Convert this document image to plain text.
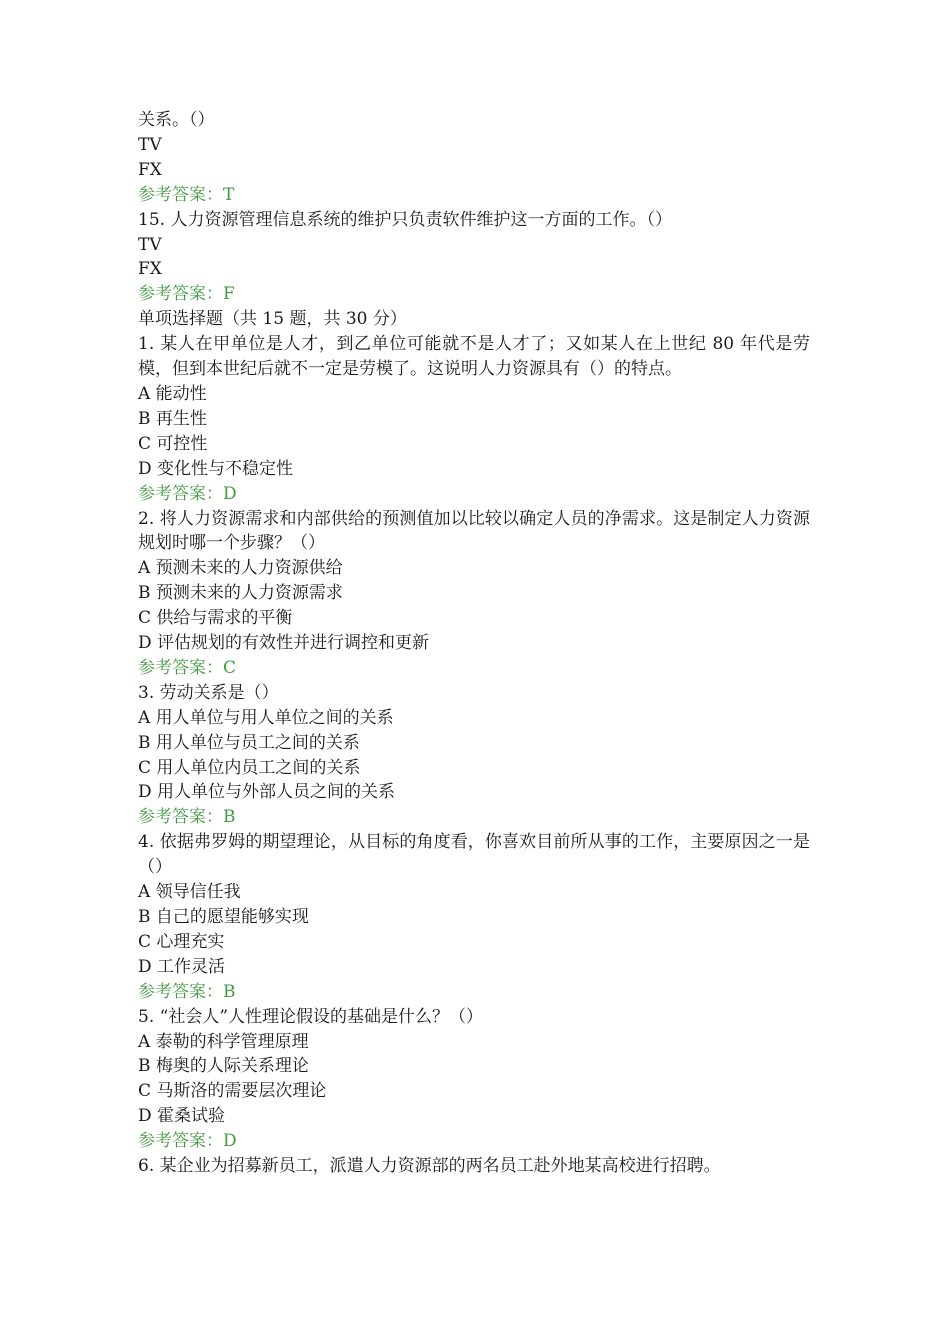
关系。（）

TV

FX

参考答案：T

15. 人力资源管理信息系统的维护只负责软件维护这一方面的工作。（）

TV

FX

参考答案：F

单项选择题（共 15 题，共 30 分）

1. 某人在甲单位是人才，到乙单位可能就不是人才了；又如某人在上世纪 80 年代是劳模，但到本世纪后就不一定是劳模了。这说明人力资源具有（）的特点。

A 能动性

B 再生性

C 可控性

D 变化性与不稳定性

参考答案：D

2. 将人力资源需求和内部供给的预测值加以比较以确定人员的净需求。这是制定人力资源规划时哪一个步骤？（）

A 预测未来的人力资源供给

B 预测未来的人力资源需求

C 供给与需求的平衡

D 评估规划的有效性并进行调控和更新

参考答案：C

3. 劳动关系是（）

A 用人单位与用人单位之间的关系

B 用人单位与员工之间的关系

C 用人单位内员工之间的关系

D 用人单位与外部人员之间的关系

参考答案：B

4. 依据弗罗姆的期望理论，从目标的角度看，你喜欢目前所从事的工作，主要原因之一是（）

A 领导信任我

B 自己的愿望能够实现

C 心理充实

D 工作灵活

参考答案：B

5. “社会人”人性理论假设的基础是什么？（）

A 泰勒的科学管理原理

B 梅奥的人际关系理论

C 马斯洛的需要层次理论

D 霍桑试验

参考答案：D

6. 某企业为招募新员工，派遣人力资源部的两名员工赴外地某高校进行招聘。
